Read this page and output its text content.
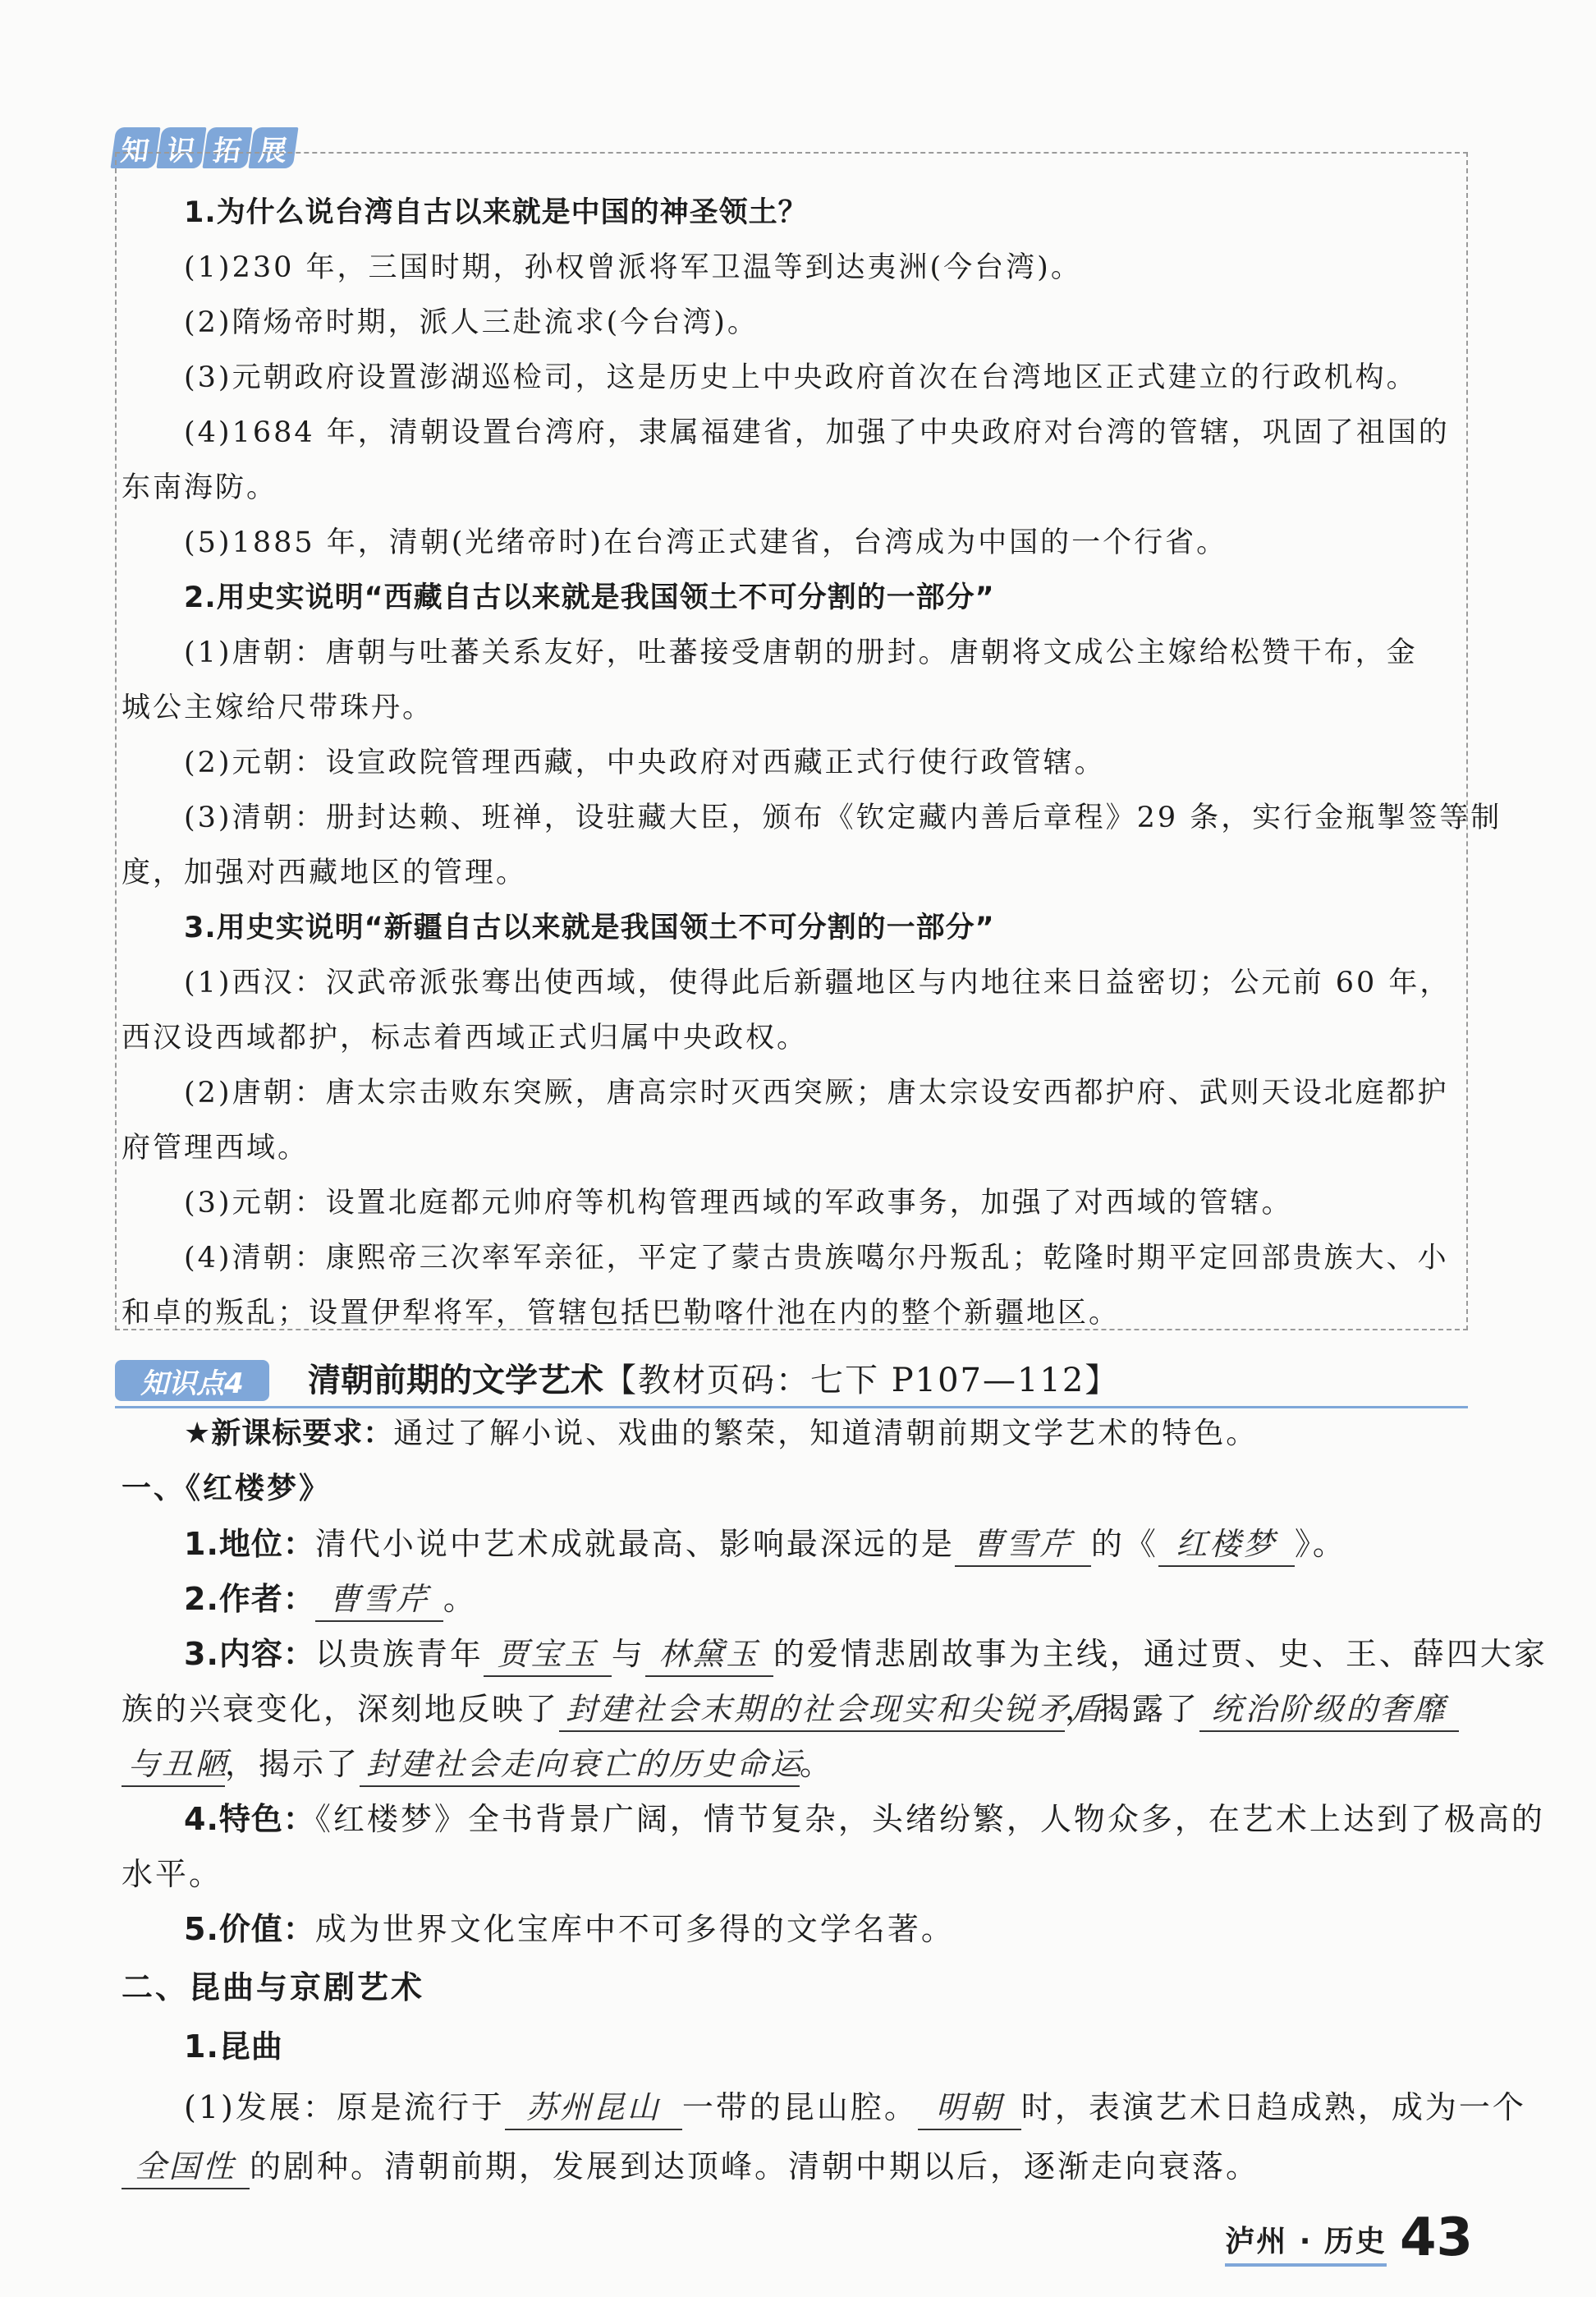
知 识 拓 展
1.为什么说台湾自古以来就是中国的神圣领土？
(1)230 年，三国时期，孙权曾派将军卫温等到达夷洲(今台湾)。
(2)隋炀帝时期，派人三赴流求(今台湾)。
(3)元朝政府设置澎湖巡检司，这是历史上中央政府首次在台湾地区正式建立的行政机构。
(4)1684 年，清朝设置台湾府，隶属福建省，加强了中央政府对台湾的管辖，巩固了祖国的
东南海防。
(5)1885 年，清朝(光绪帝时)在台湾正式建省，台湾成为中国的一个行省。
2.用史实说明“西藏自古以来就是我国领土不可分割的一部分”
(1)唐朝：唐朝与吐蕃关系友好，吐蕃接受唐朝的册封。唐朝将文成公主嫁给松赞干布，金
城公主嫁给尺带珠丹。
(2)元朝：设宣政院管理西藏，中央政府对西藏正式行使行政管辖。
(3)清朝：册封达赖、班禅，设驻藏大臣，颁布《钦定藏内善后章程》29 条，实行金瓶掣签等制
度，加强对西藏地区的管理。
3.用史实说明“新疆自古以来就是我国领土不可分割的一部分”
(1)西汉：汉武帝派张骞出使西域，使得此后新疆地区与内地往来日益密切；公元前 60 年，
西汉设西域都护，标志着西域正式归属中央政权。
(2)唐朝：唐太宗击败东突厥，唐高宗时灭西突厥；唐太宗设安西都护府、武则天设北庭都护
府管理西域。
(3)元朝：设置北庭都元帅府等机构管理西域的军政事务，加强了对西域的管辖。
(4)清朝：康熙帝三次率军亲征，平定了蒙古贵族噶尔丹叛乱；乾隆时期平定回部贵族大、小
和卓的叛乱；设置伊犁将军，管辖包括巴勒喀什池在内的整个新疆地区。
知识点4	清朝前期的文学艺术【教材页码：七下 P107—112】
★新课标要求：通过了解小说、戏曲的繁荣，知道清朝前期文学艺术的特色。
一、《红楼梦》
1.地位：清代小说中艺术成就最高、影响最深远的是 曹雪芹 的《 红楼梦 》。
2.作者： 曹雪芹 。
3.内容：以贵族青年 贾宝玉 与 林黛玉 的爱情悲剧故事为主线，通过贾、史、王、薛四大家
族的兴衰变化，深刻地反映了 封建社会末期的社会现实和尖锐矛盾，揭露了 统治阶级的奢靡
与丑陋，揭示了 封建社会走向衰亡的历史命运。
4.特色：《红楼梦》全书背景广阔，情节复杂，头绪纷繁，人物众多，在艺术上达到了极高的
水平。
5.价值：成为世界文化宝库中不可多得的文学名著。
二、昆曲与京剧艺术
1.昆曲
(1)发展：原是流行于 苏州昆山 一带的昆山腔。 明朝 时，表演艺术日趋成熟，成为一个
全国性 的剧种。清朝前期，发展到达顶峰。清朝中期以后，逐渐走向衰落。
泸州 · 历史 43
